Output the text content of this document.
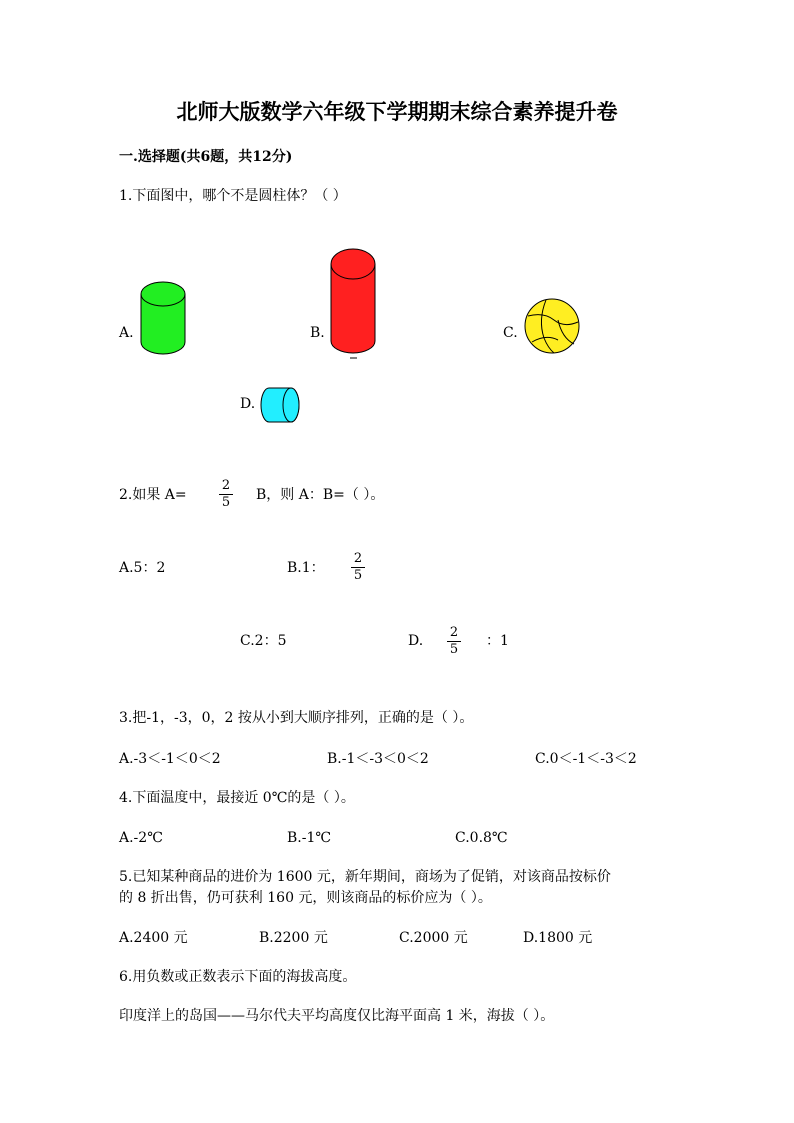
北师大版数学六年级下学期期末综合素养提升卷
一.选择题(共6题，共12分)
1.下面图中，哪个不是圆柱体？（ ）
A.	B.	C.
D.
2.如果 A=
2
5 B，则 A：B=（ ）。
A.5：2	B.1：
2
5
C.2：5	D.
2
5
：1
3.把-1，-3，0，2 按从小到大顺序排列，正确的是（ ）。
A.-3＜-1＜0＜2	B.-1＜-3＜0＜2	C.0＜-1＜-3＜2
4.下面温度中，最接近 0℃的是（ ）。
A.-2℃	B.-1℃	C.0.8℃
5.已知某种商品的进价为 1600 元，新年期间，商场为了促销，对该商品按标价
的 8 折出售，仍可获利 160 元，则该商品的标价应为（ ）。
A.2400 元	B.2200 元	C.2000 元	D.1800 元
6.用负数或正数表示下面的海拔高度。
印度洋上的岛国——马尔代夫平均高度仅比海平面高 1 米，海拔（ ）。
